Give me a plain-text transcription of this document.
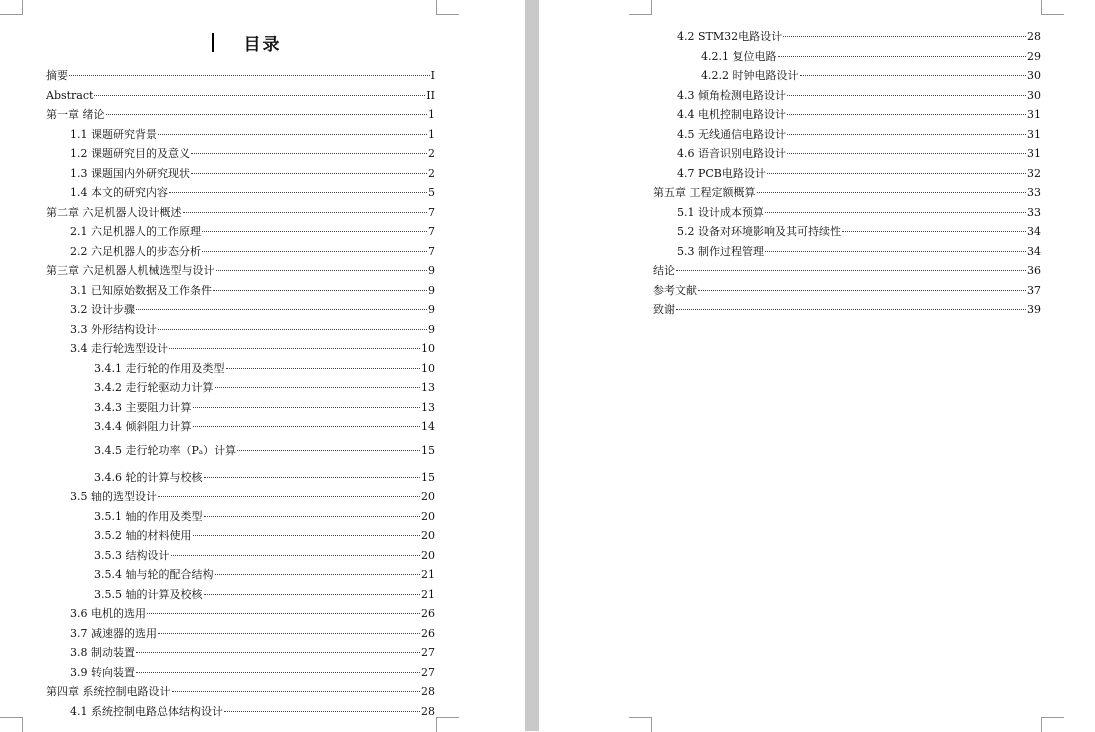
目录
摘要	I
Abstract	II
第一章 绪论	1
1.1 课题研究背景	1
1.2 课题研究目的及意义	2
1.3 课题国内外研究现状	2
1.4 本文的研究内容	5
第二章 六足机器人设计概述	7
2.1 六足机器人的工作原理	7
2.2 六足机器人的步态分析	7
第三章 六足机器人机械选型与设计	9
3.1 已知原始数据及工作条件	9
3.2 设计步骤	9
3.3 外形结构设计	9
3.4 走行轮选型设计	10
3.4.1 走行轮的作用及类型	10
3.4.2 走行轮驱动力计算	13
3.4.3 主要阻力计算	13
3.4.4 倾斜阻力计算	14
3.4.5 走行轮功率（Pₐ）计算	15
3.4.6 轮的计算与校核	15
3.5 轴的选型设计	20
3.5.1 轴的作用及类型	20
3.5.2 轴的材料使用	20
3.5.3 结构设计	20
3.5.4 轴与轮的配合结构	21
3.5.5 轴的计算及校核	21
3.6 电机的选用	26
3.7 减速器的选用	26
3.8 制动装置	27
3.9 转向装置	27
第四章 系统控制电路设计	28
4.1 系统控制电路总体结构设计	28
4.2 STM32电路设计	28
4.2.1 复位电路	29
4.2.2 时钟电路设计	30
4.3 倾角检测电路设计	30
4.4 电机控制电路设计	31
4.5 无线通信电路设计	31
4.6 语音识别电路设计	31
4.7 PCB电路设计	32
第五章 工程定额概算	33
5.1 设计成本预算	33
5.2 设备对环境影响及其可持续性	34
5.3 制作过程管理	34
结论	36
参考文献	37
致谢	39
